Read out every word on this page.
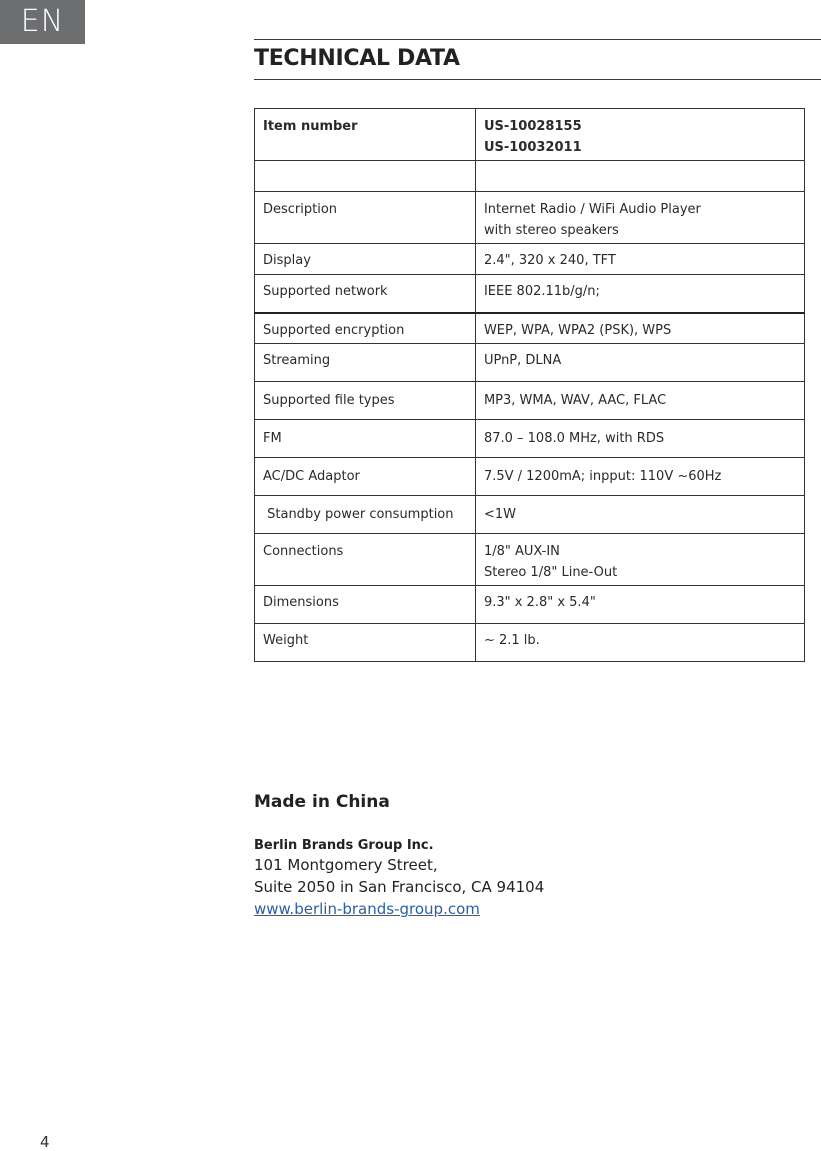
EN
TECHNICAL DATA
Item number	US-10028155
US-10032011

Description	Internet Radio / WiFi Audio Player
with stereo speakers

Display	2.4", 320 x 240, TFT
Supported network	IEEE 802.11b/g/n;
Supported encryption	WEP, WPA, WPA2 (PSK), WPS
Streaming	UPnP, DLNA
Supported file types	MP3, WMA, WAV, AAC, FLAC
FM	87.0 – 108.0 MHz, with RDS
AC/DC Adaptor	7.5V / 1200mA; inpput: 110V ~60Hz
Standby power consumption	<1W
Connections	1/8" AUX-IN
Stereo 1/8" Line-Out

Dimensions	9.3" x 2.8" x 5.4"
Weight	~ 2.1 lb.
Made in China
Berlin Brands Group Inc.
101 Montgomery Street,
Suite 2050 in San Francisco, CA 94104
www.berlin-brands-group.com
4
